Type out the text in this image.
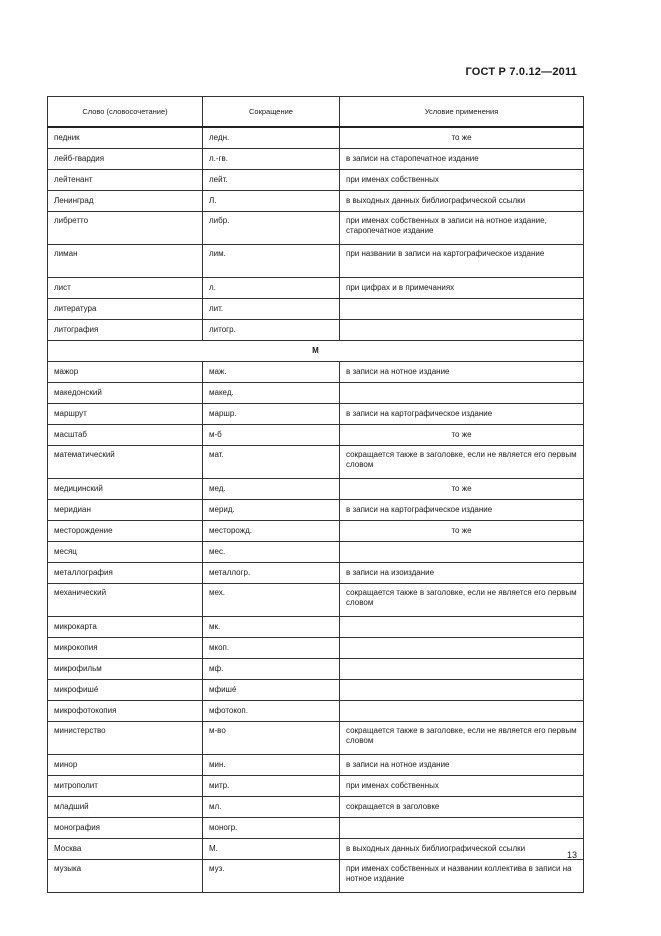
ГОСТ Р 7.0.12—2011
Слово (словосочетание)	Сокращение	Условие применения
педник	ледн.	то же
лейб-гвардия	л.-гв.	в записи на старопечатное издание
лейтенант	лейт.	при именах собственных
Ленинград	Л.	в выходных данных библиографической ссылки
либретто	либр.	при именах собственных в записи на нотное издание, старопечатное издание
лиман	лим.	при названии в записи на картографическое издание
лист	л.	при цифрах и в примечаниях
литература	лит.	
литография	литогр.	
М		
мажор	маж.	в записи на нотное издание
македонский	макед.	
маршрут	маршр.	в записи на картографическое издание
масштаб	м-б	то же
математический	мат.	сокращается также в заголовке, если не является его первым словом
медицинский	мед.	то же
меридиан	мерид.	в записи на картографическое издание
месторождение	месторожд.	то же
месяц	мес.	
металлография	металлогр.	в записи на изоиздание
механический	мех.	сокращается также в заголовке, если не является его первым словом
микрокарта	мк.	
микрокопия	мкоп.	
микрофильм	мф.	
микрофишé	мфишé	
микрофотокопия	мфотокоп.	
министерство	м-во	сокращается также в заголовке, если не является его первым словом
минор	мин.	в записи на нотное издание
митрополит	митр.	при именах собственных
младший	мл.	сокращается в заголовке
монография	моногр.	
Москва	М.	в выходных данных библиографической ссылки
музыка	муз.	при именах собственных и названии коллектива в записи на нотное издание
13
